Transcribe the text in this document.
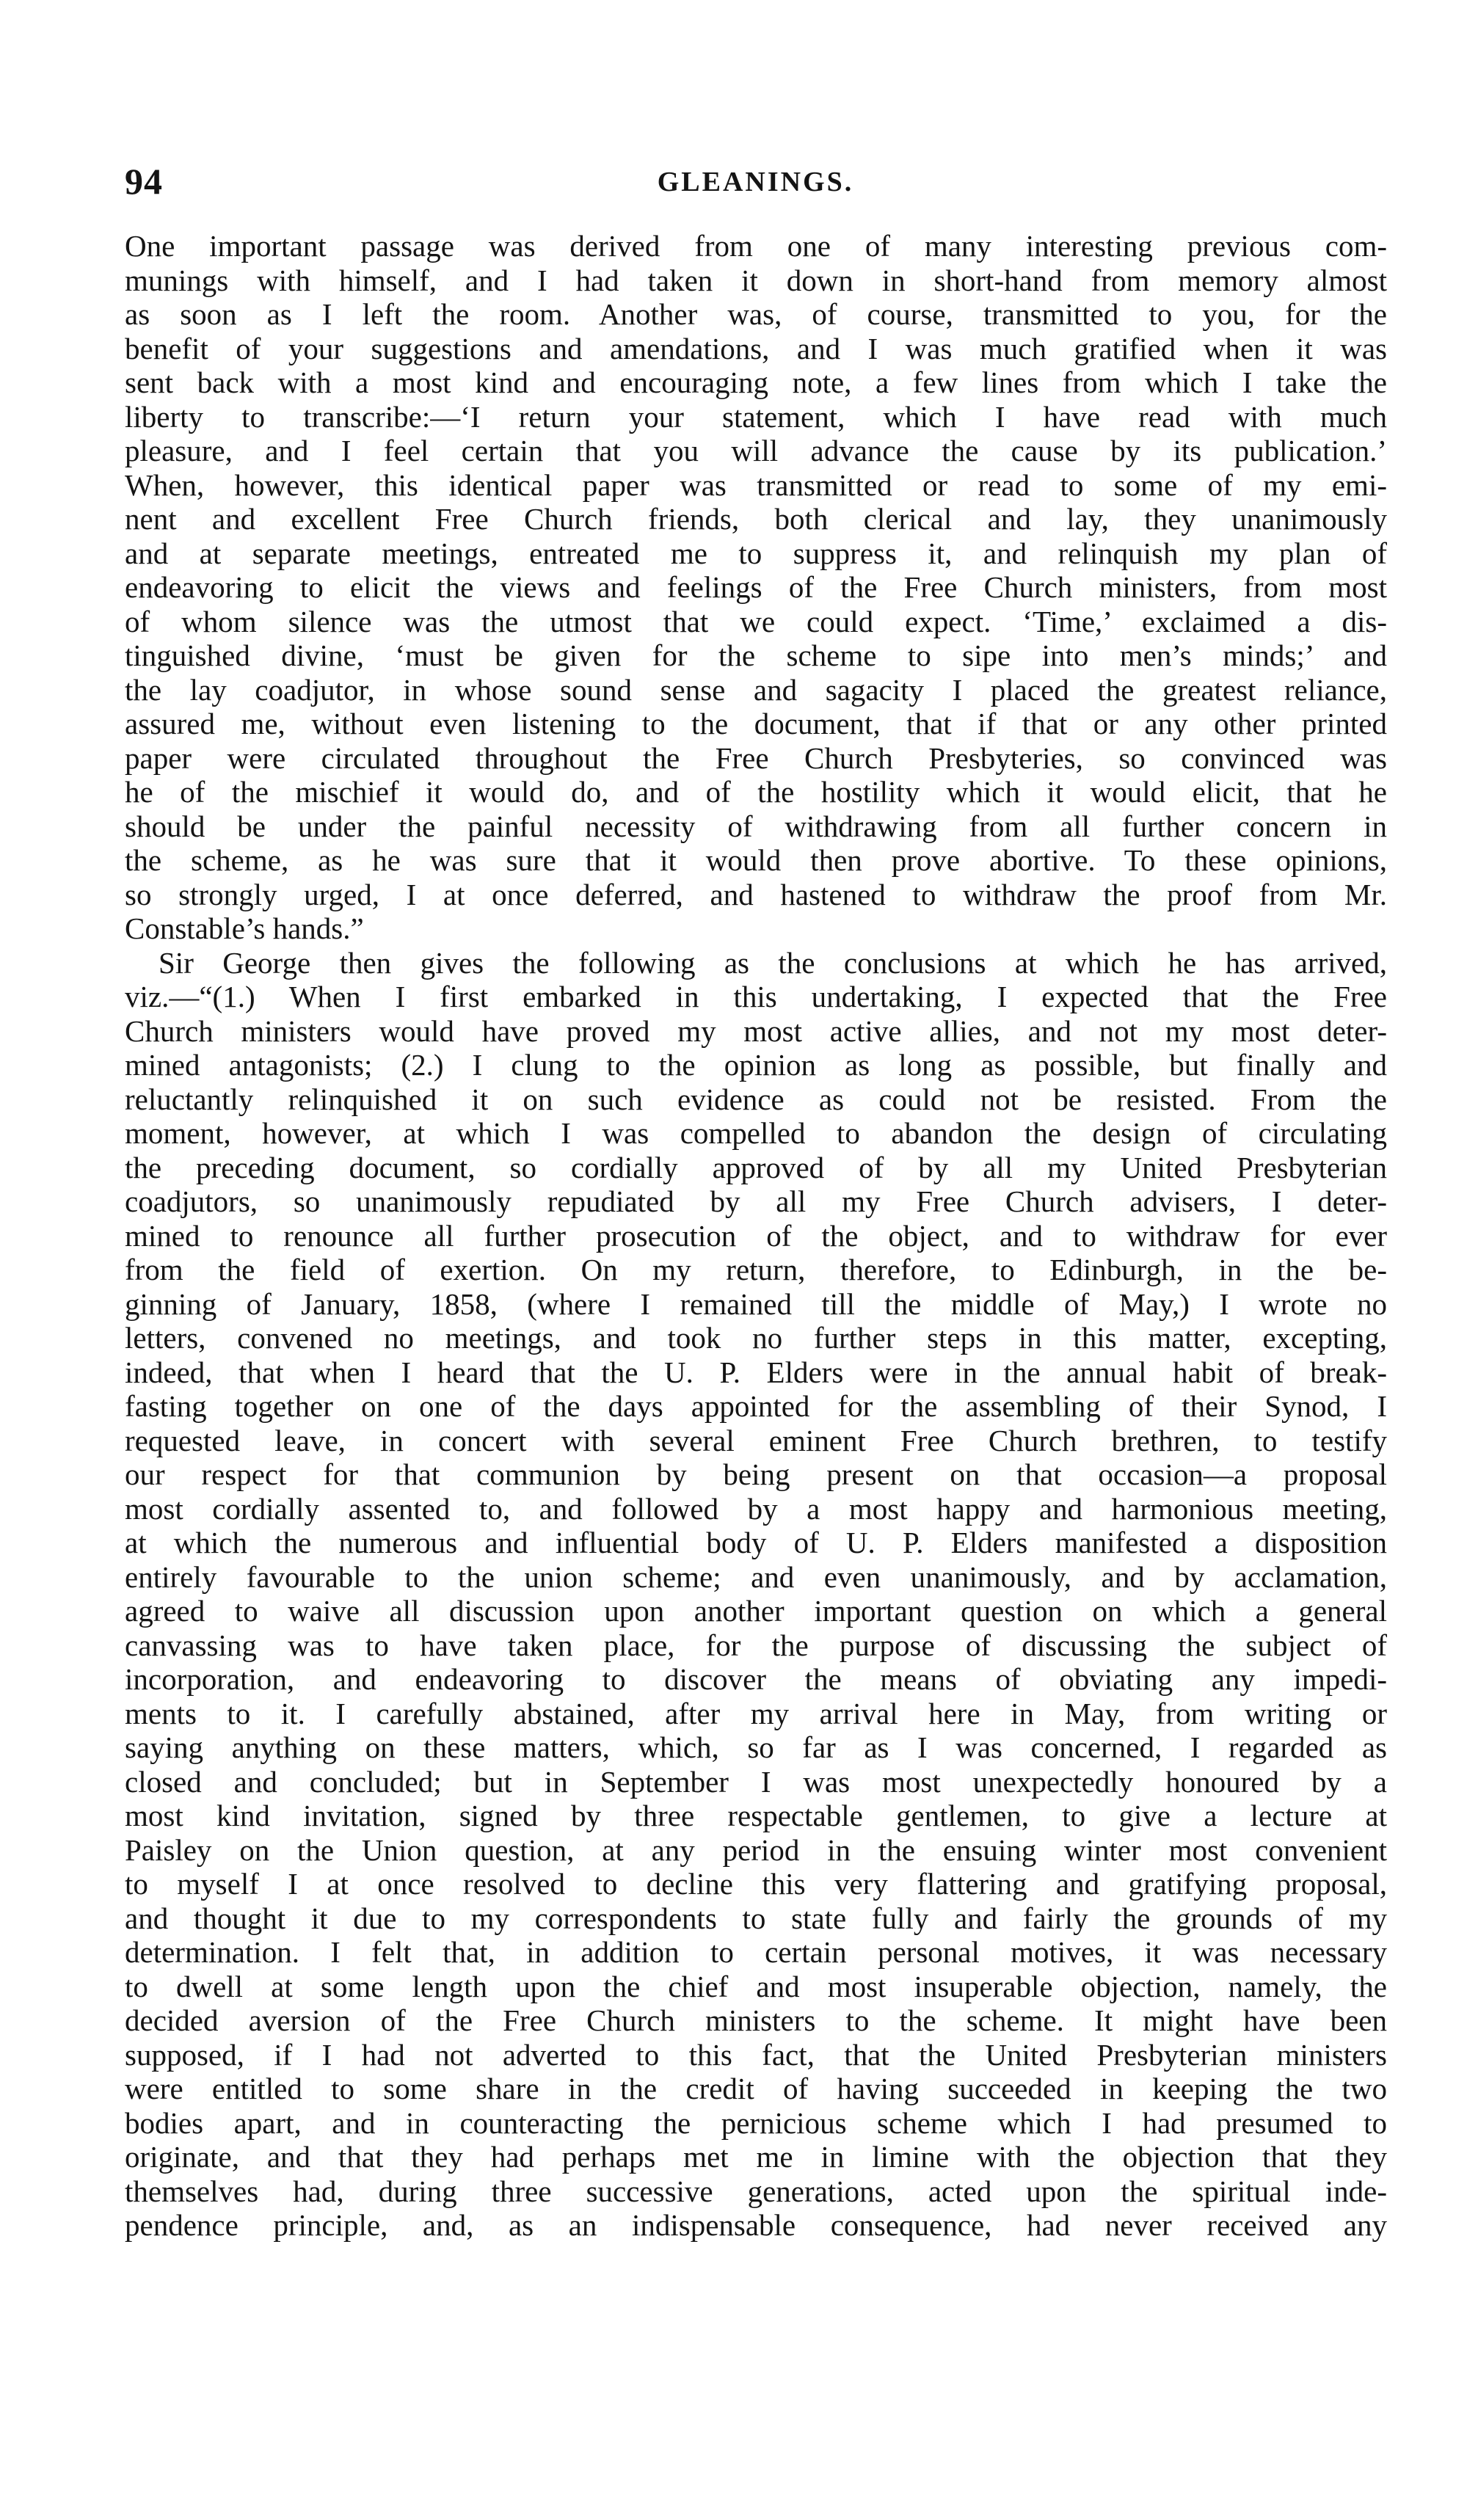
94	GLEANINGS.
One important passage was derived from one of many interesting previous com-
munings with himself, and I had taken it down in short-hand from memory almost
as soon as I left the room. Another was, of course, transmitted to you, for the
benefit of your suggestions and amendations, and I was much gratified when it was
sent back with a most kind and encouraging note, a few lines from which I take the
liberty to transcribe:—‘I return your statement, which I have read with much
pleasure, and I feel certain that you will advance the cause by its publication.’
When, however, this identical paper was transmitted or read to some of my emi-
nent and excellent Free Church friends, both clerical and lay, they unanimously
and at separate meetings, entreated me to suppress it, and relinquish my plan of
endeavoring to elicit the views and feelings of the Free Church ministers, from most
of whom silence was the utmost that we could expect. ‘Time,’ exclaimed a dis-
tinguished divine, ‘must be given for the scheme to sipe into men’s minds;’ and
the lay coadjutor, in whose sound sense and sagacity I placed the greatest reliance,
assured me, without even listening to the document, that if that or any other printed
paper were circulated throughout the Free Church Presbyteries, so convinced was
he of the mischief it would do, and of the hostility which it would elicit, that he
should be under the painful necessity of withdrawing from all further concern in
the scheme, as he was sure that it would then prove abortive. To these opinions,
so strongly urged, I at once deferred, and hastened to withdraw the proof from Mr.
Constable’s hands.”
Sir George then gives the following as the conclusions at which he has arrived,
viz.—“(1.) When I first embarked in this undertaking, I expected that the Free
Church ministers would have proved my most active allies, and not my most deter-
mined antagonists; (2.) I clung to the opinion as long as possible, but finally and
reluctantly relinquished it on such evidence as could not be resisted. From the
moment, however, at which I was compelled to abandon the design of circulating
the preceding document, so cordially approved of by all my United Presbyterian
coadjutors, so unanimously repudiated by all my Free Church advisers, I deter-
mined to renounce all further prosecution of the object, and to withdraw for ever
from the field of exertion. On my return, therefore, to Edinburgh, in the be-
ginning of January, 1858, (where I remained till the middle of May,) I wrote no
letters, convened no meetings, and took no further steps in this matter, excepting,
indeed, that when I heard that the U. P. Elders were in the annual habit of break-
fasting together on one of the days appointed for the assembling of their Synod, I
requested leave, in concert with several eminent Free Church brethren, to testify
our respect for that communion by being present on that occasion—a proposal
most cordially assented to, and followed by a most happy and harmonious meeting,
at which the numerous and influential body of U. P. Elders manifested a disposition
entirely favourable to the union scheme; and even unanimously, and by acclamation,
agreed to waive all discussion upon another important question on which a general
canvassing was to have taken place, for the purpose of discussing the subject of
incorporation, and endeavoring to discover the means of obviating any impedi-
ments to it. I carefully abstained, after my arrival here in May, from writing or
saying anything on these matters, which, so far as I was concerned, I regarded as
closed and concluded; but in September I was most unexpectedly honoured by a
most kind invitation, signed by three respectable gentlemen, to give a lecture at
Paisley on the Union question, at any period in the ensuing winter most convenient
to myself I at once resolved to decline this very flattering and gratifying proposal,
and thought it due to my correspondents to state fully and fairly the grounds of my
determination. I felt that, in addition to certain personal motives, it was necessary
to dwell at some length upon the chief and most insuperable objection, namely, the
decided aversion of the Free Church ministers to the scheme. It might have been
supposed, if I had not adverted to this fact, that the United Presbyterian ministers
were entitled to some share in the credit of having succeeded in keeping the two
bodies apart, and in counteracting the pernicious scheme which I had presumed to
originate, and that they had perhaps met me in limine with the objection that they
themselves had, during three successive generations, acted upon the spiritual inde-
pendence principle, and, as an indispensable consequence, had never received any
